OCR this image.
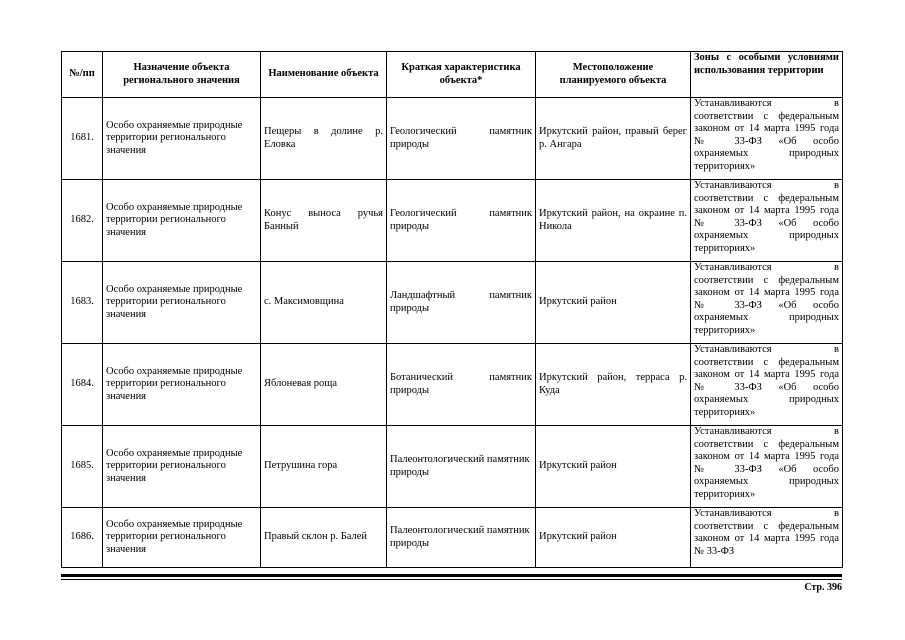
№/пп	Назначение объекта регионального значения	Наименование объекта	Краткая характеристика объекта*	Местоположение планируемого объекта	Зоны с особыми условиями использования территории
1681.	Особо охраняемые природные территории регионального значения	Пещеры в долине р. Еловка	Геологический памятник природы	Иркутский район, правый берег р. Ангара	Устанавливаются в соответствии с федеральным законом от 14 марта 1995 года № 33-ФЗ «Об особо охраняемых природных территориях»
1682.	Особо охраняемые природные территории регионального значения	Конус выноса ручья Банный	Геологический памятник природы	Иркутский район, на окраине п. Никола	Устанавливаются в соответствии с федеральным законом от 14 марта 1995 года № 33-ФЗ «Об особо охраняемых природных территориях»
1683.	Особо охраняемые природные территории регионального значения	с. Максимовщина	Ландшафтный памятник природы	Иркутский район	Устанавливаются в соответствии с федеральным законом от 14 марта 1995 года № 33-ФЗ «Об особо охраняемых природных территориях»
1684.	Особо охраняемые природные территории регионального значения	Яблоневая роща	Ботанический памятник природы	Иркутский район, терраса р. Куда	Устанавливаются в соответствии с федеральным законом от 14 марта 1995 года № 33-ФЗ «Об особо охраняемых природных территориях»
1685.	Особо охраняемые природные территории регионального значения	Петрушина гора	Палеонтологический памятник природы	Иркутский район	Устанавливаются в соответствии с федеральным законом от 14 марта 1995 года № 33-ФЗ «Об особо охраняемых природных территориях»
1686.	Особо охраняемые природные территории регионального значения	Правый склон р. Балей	Палеонтологический памятник природы	Иркутский район	Устанавливаются в соответствии с федеральным законом от 14 марта 1995 года № 33-ФЗ
Стр. 396
